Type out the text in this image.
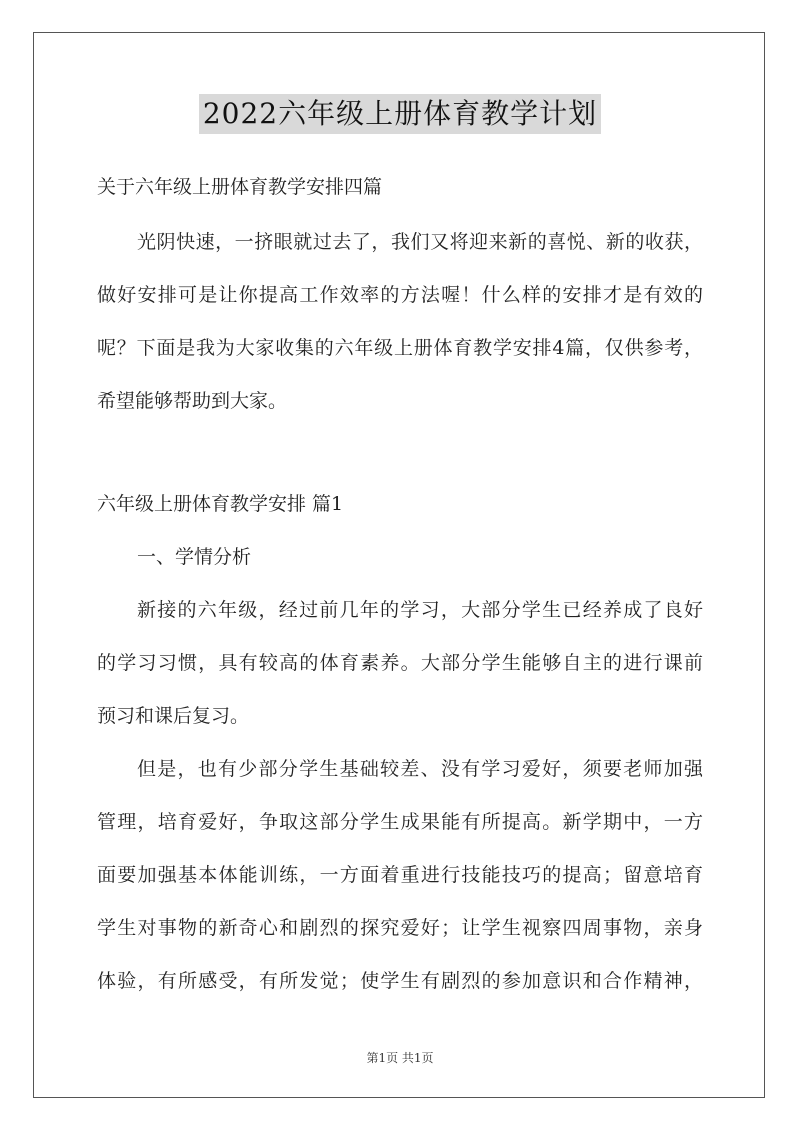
2022六年级上册体育教学计划
关于六年级上册体育教学安排四篇
光阴快速，一挤眼就过去了，我们又将迎来新的喜悦、新的收获，
做好安排可是让你提高工作效率的方法喔！什么样的安排才是有效的
呢？下面是我为大家收集的六年级上册体育教学安排4篇，仅供参考，
希望能够帮助到大家。
六年级上册体育教学安排 篇1
一、学情分析
新接的六年级，经过前几年的学习，大部分学生已经养成了良好
的学习习惯，具有较高的体育素养。大部分学生能够自主的进行课前
预习和课后复习。
但是，也有少部分学生基础较差、没有学习爱好，须要老师加强
管理，培育爱好，争取这部分学生成果能有所提高。新学期中，一方
面要加强基本体能训练，一方面着重进行技能技巧的提高；留意培育
学生对事物的新奇心和剧烈的探究爱好；让学生视察四周事物，亲身
体验，有所感受，有所发觉；使学生有剧烈的参加意识和合作精神，
第1页 共1页
